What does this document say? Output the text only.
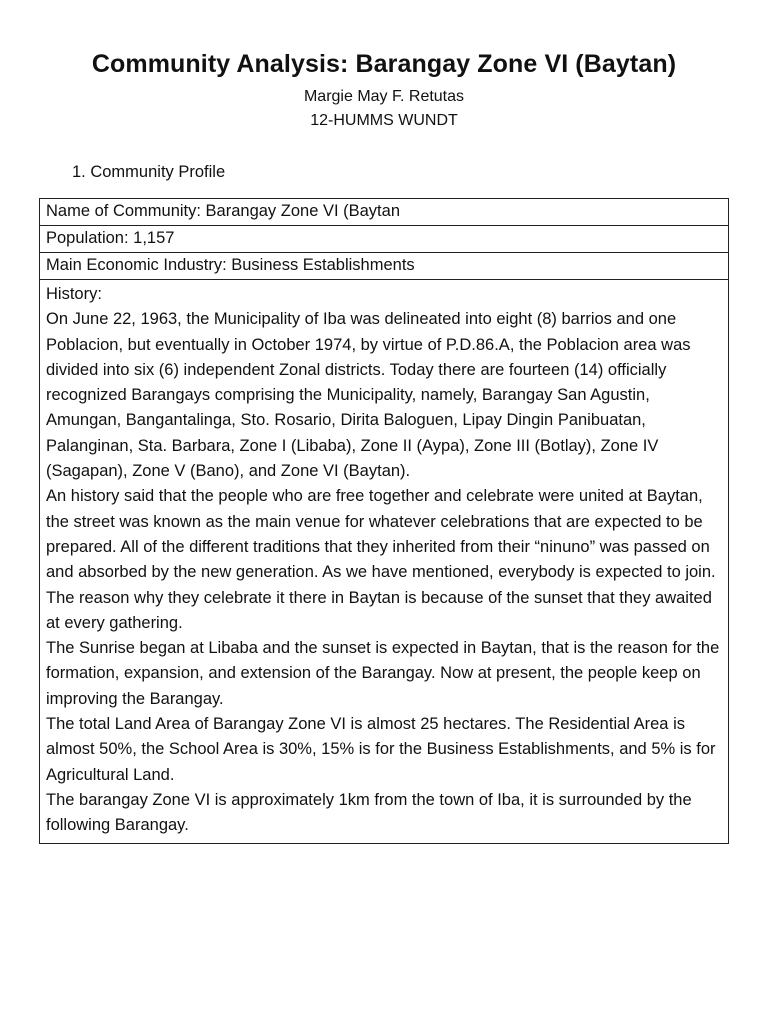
Community Analysis: Barangay Zone VI (Baytan)
Margie May F. Retutas
12-HUMMS WUNDT
1. Community Profile
Name of Community: Barangay Zone VI (Baytan
Population: 1,157
Main Economic Industry: Business Establishments

History:

On June 22, 1963, the Municipality of Iba was delineated into eight (8) barrios and one Poblacion, but eventually in October 1974, by virtue of P.D.86.A, the Poblacion area was divided into six (6) independent Zonal districts. Today there are fourteen (14) officially recognized Barangays comprising the Municipality, namely, Barangay San Agustin, Amungan, Bangantalinga, Sto. Rosario, Dirita Baloguen, Lipay Dingin Panibuatan, Palanginan, Sta. Barbara, Zone I (Libaba), Zone II (Aypa), Zone III (Botlay), Zone IV (Sagapan), Zone V (Bano), and Zone VI (Baytan).

An history said that the people who are free together and celebrate were united at Baytan, the street was known as the main venue for whatever celebrations that are expected to be prepared. All of the different traditions that they inherited from their “ninuno” was passed on and absorbed by the new generation. As we have mentioned, everybody is expected to join. The reason why they celebrate it there in Baytan is because of the sunset that they awaited at every gathering.

The Sunrise began at Libaba and the sunset is expected in Baytan, that is the reason for the formation, expansion, and extension of the Barangay. Now at present, the people keep on improving the Barangay.

The total Land Area of Barangay Zone VI is almost 25 hectares. The Residential Area is almost 50%, the School Area is 30%, 15% is for the Business Establishments, and 5% is for Agricultural Land.

The barangay Zone VI is approximately 1km from the town of Iba, it is surrounded by the following Barangay.
